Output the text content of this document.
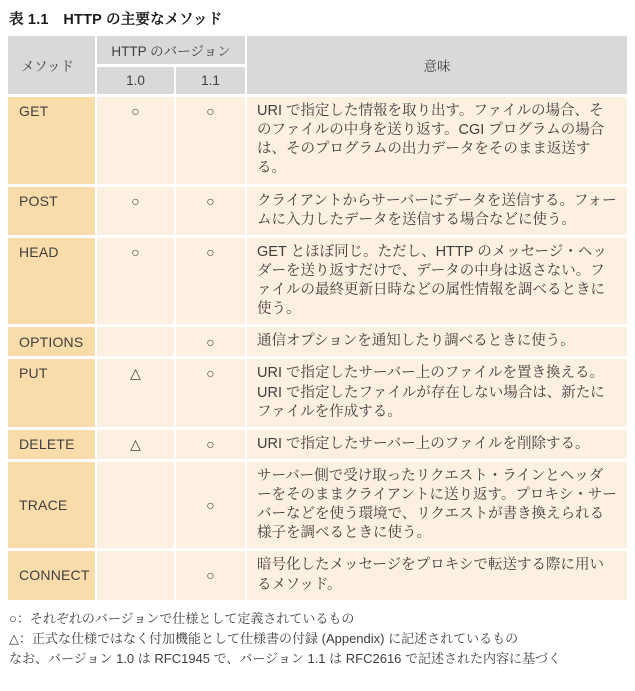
表 1.1　HTTP の主要なメソッド
メソッド	HTTP のバージョン		意味
	1.0	1.1	
GET	○	○	URI で指定した情報を取り出す。ファイルの場合、そのファイルの中身を送り返す。CGI プログラムの場合は、そのプログラムの出力データをそのまま返送する。
POST	○	○	クライアントからサーバーにデータを送信する。フォームに入力したデータを送信する場合などに使う。
HEAD	○	○	GET とほぼ同じ。ただし、HTTP のメッセージ・ヘッダーを送り返すだけで、データの中身は返さない。ファイルの最終更新日時などの属性情報を調べるときに使う。
OPTIONS		○	通信オプションを通知したり調べるときに使う。
PUT	△	○	URI で指定したサーバー上のファイルを置き換える。URI で指定したファイルが存在しない場合は、新たにファイルを作成する。
DELETE	△	○	URI で指定したサーバー上のファイルを削除する。
TRACE		○	サーバー側で受け取ったリクエスト・ラインとヘッダーをそのままクライアントに送り返す。プロキシ・サーバーなどを使う環境で、リクエストが書き換えられる様子を調べるときに使う。
CONNECT		○	暗号化したメッセージをプロキシで転送する際に用いるメソッド。
○：それぞれのバージョンで仕様として定義されているもの
△：正式な仕様ではなく付加機能として仕様書の付録 (Appendix) に記述されているもの
なお、バージョン 1.0 は RFC1945 で、バージョン 1.1 は RFC2616 で記述された内容に基づく
